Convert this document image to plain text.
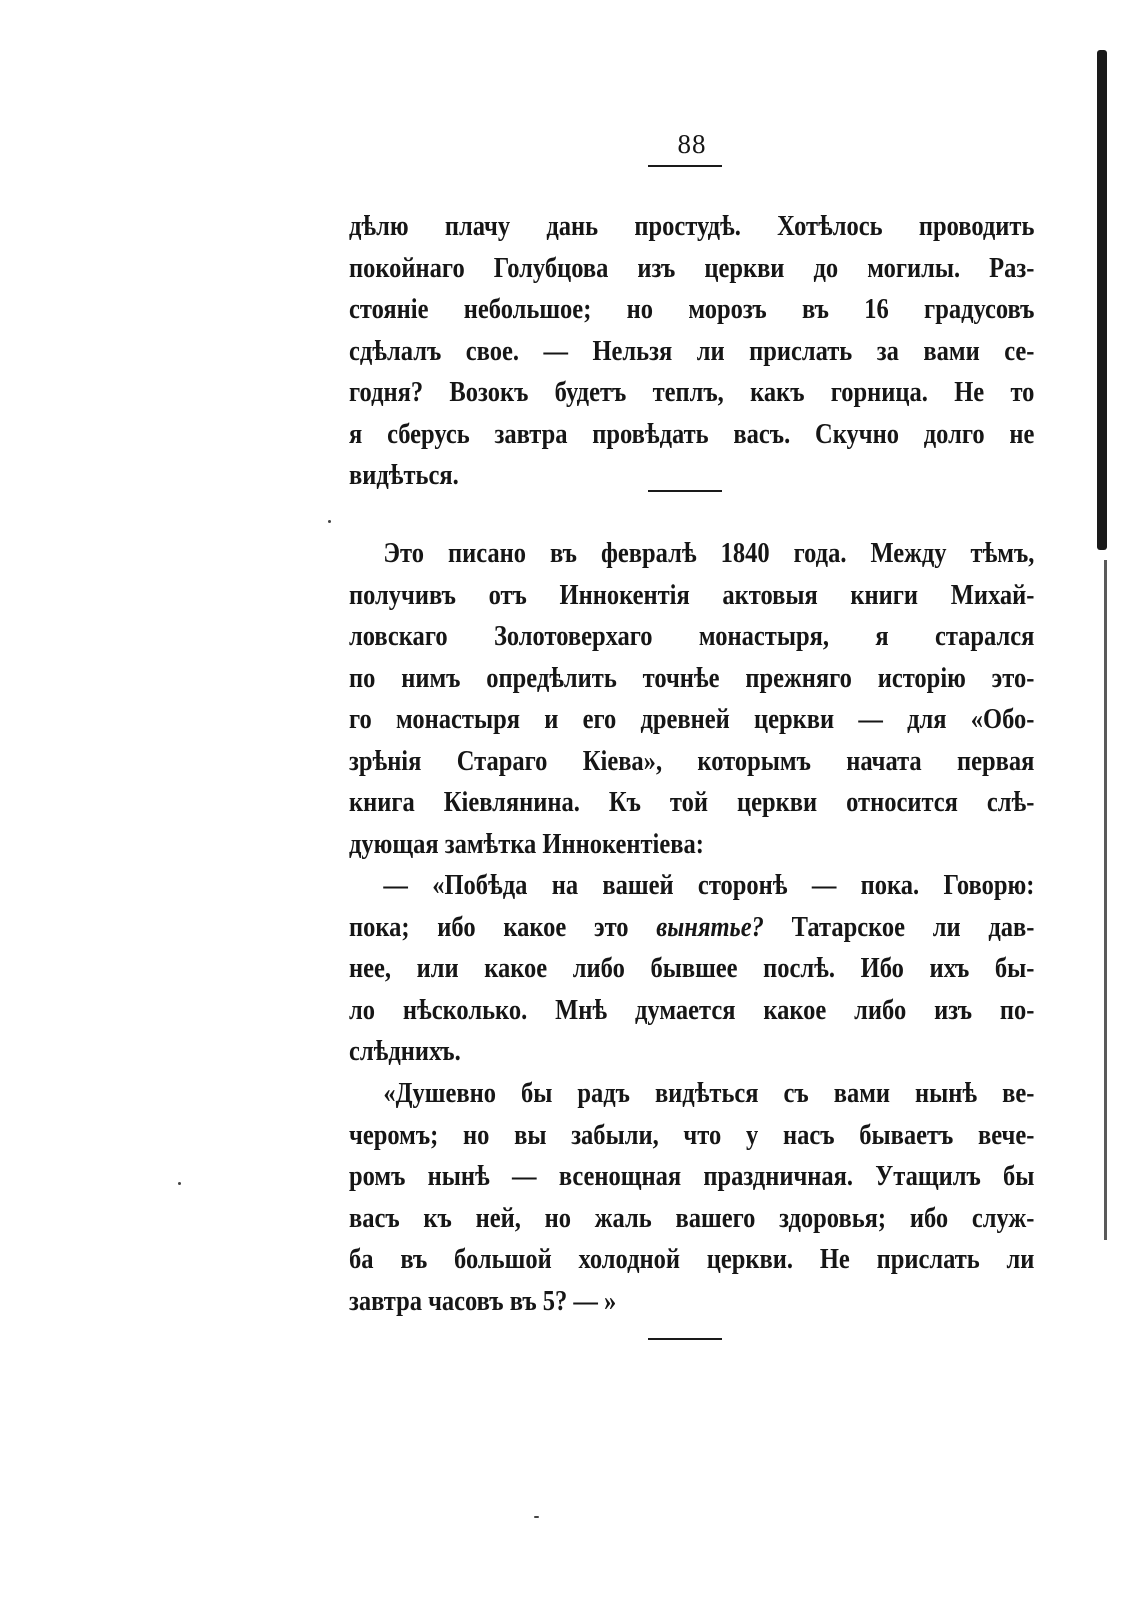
88
дѣлю плачу дань простудѣ. Хотѣлось проводить
покойнаго Голубцова изъ церкви до могилы. Раз-
стояніе небольшое; но морозъ въ 16 градусовъ
сдѣлалъ свое. — Нельзя ли прислать за вами се-
годня? Возокъ будетъ теплъ, какъ горница. Не то
я сберусь завтра провѣдать васъ. Скучно долго не
видѣться.
Это писано въ февралѣ 1840 года. Между тѣмъ,
получивъ отъ Иннокентія актовыя книги Михай-
ловскаго Золотоверхаго монастыря, я старался
по нимъ опредѣлить точнѣе прежняго исторію это-
го монастыря и его древней церкви — для «Обо-
зрѣнія Стараго Кіева», которымъ начата первая
книга Кіевлянина. Къ той церкви относится слѣ-
дующая замѣтка Иннокентіева:
— «Побѣда на вашей сторонѣ — пока. Говорю:
пока; ибо какое это вынятье? Татарское ли дав-
нее, или какое либо бывшее послѣ. Ибо ихъ бы-
ло нѣсколько. Мнѣ думается какое либо изъ по-
слѣднихъ.
«Душевно бы радъ видѣться съ вами нынѣ ве-
черомъ; но вы забыли, что у насъ бываетъ вече-
ромъ нынѣ — всенощная праздничная. Утащилъ бы
васъ къ ней, но жаль вашего здоровья; ибо служ-
ба въ большой холодной церкви. Не прислать ли
завтра часовъ въ 5? — »
